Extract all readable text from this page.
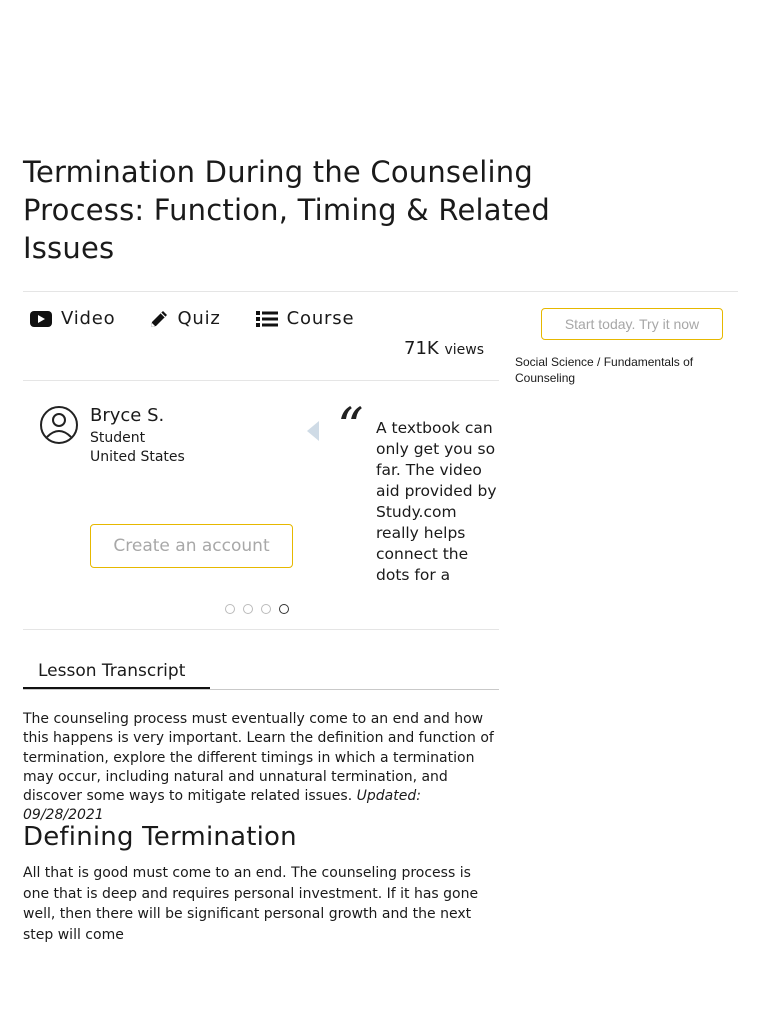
Termination During the Counseling Process: Function, Timing & Related Issues
Video	Quiz	Course
71K views
Start today. Try it now
Social Science / Fundamentals of Counseling
Bryce S.
Student
United States
Create an account
“ A textbook can only get you so far. The video aid provided by Study.com really helps connect the dots for a
Lesson Transcript

The counseling process must eventually come to an end and how this happens is very important. Learn the definition and function of termination, explore the different timings in which a termination may occur, including natural and unnatural termination, and discover some ways to mitigate related issues. Updated: 09/28/2021

Defining Termination

All that is good must come to an end. The counseling process is one that is deep and requires personal investment. If it has gone well, then there will be significant personal growth and the next step will come
